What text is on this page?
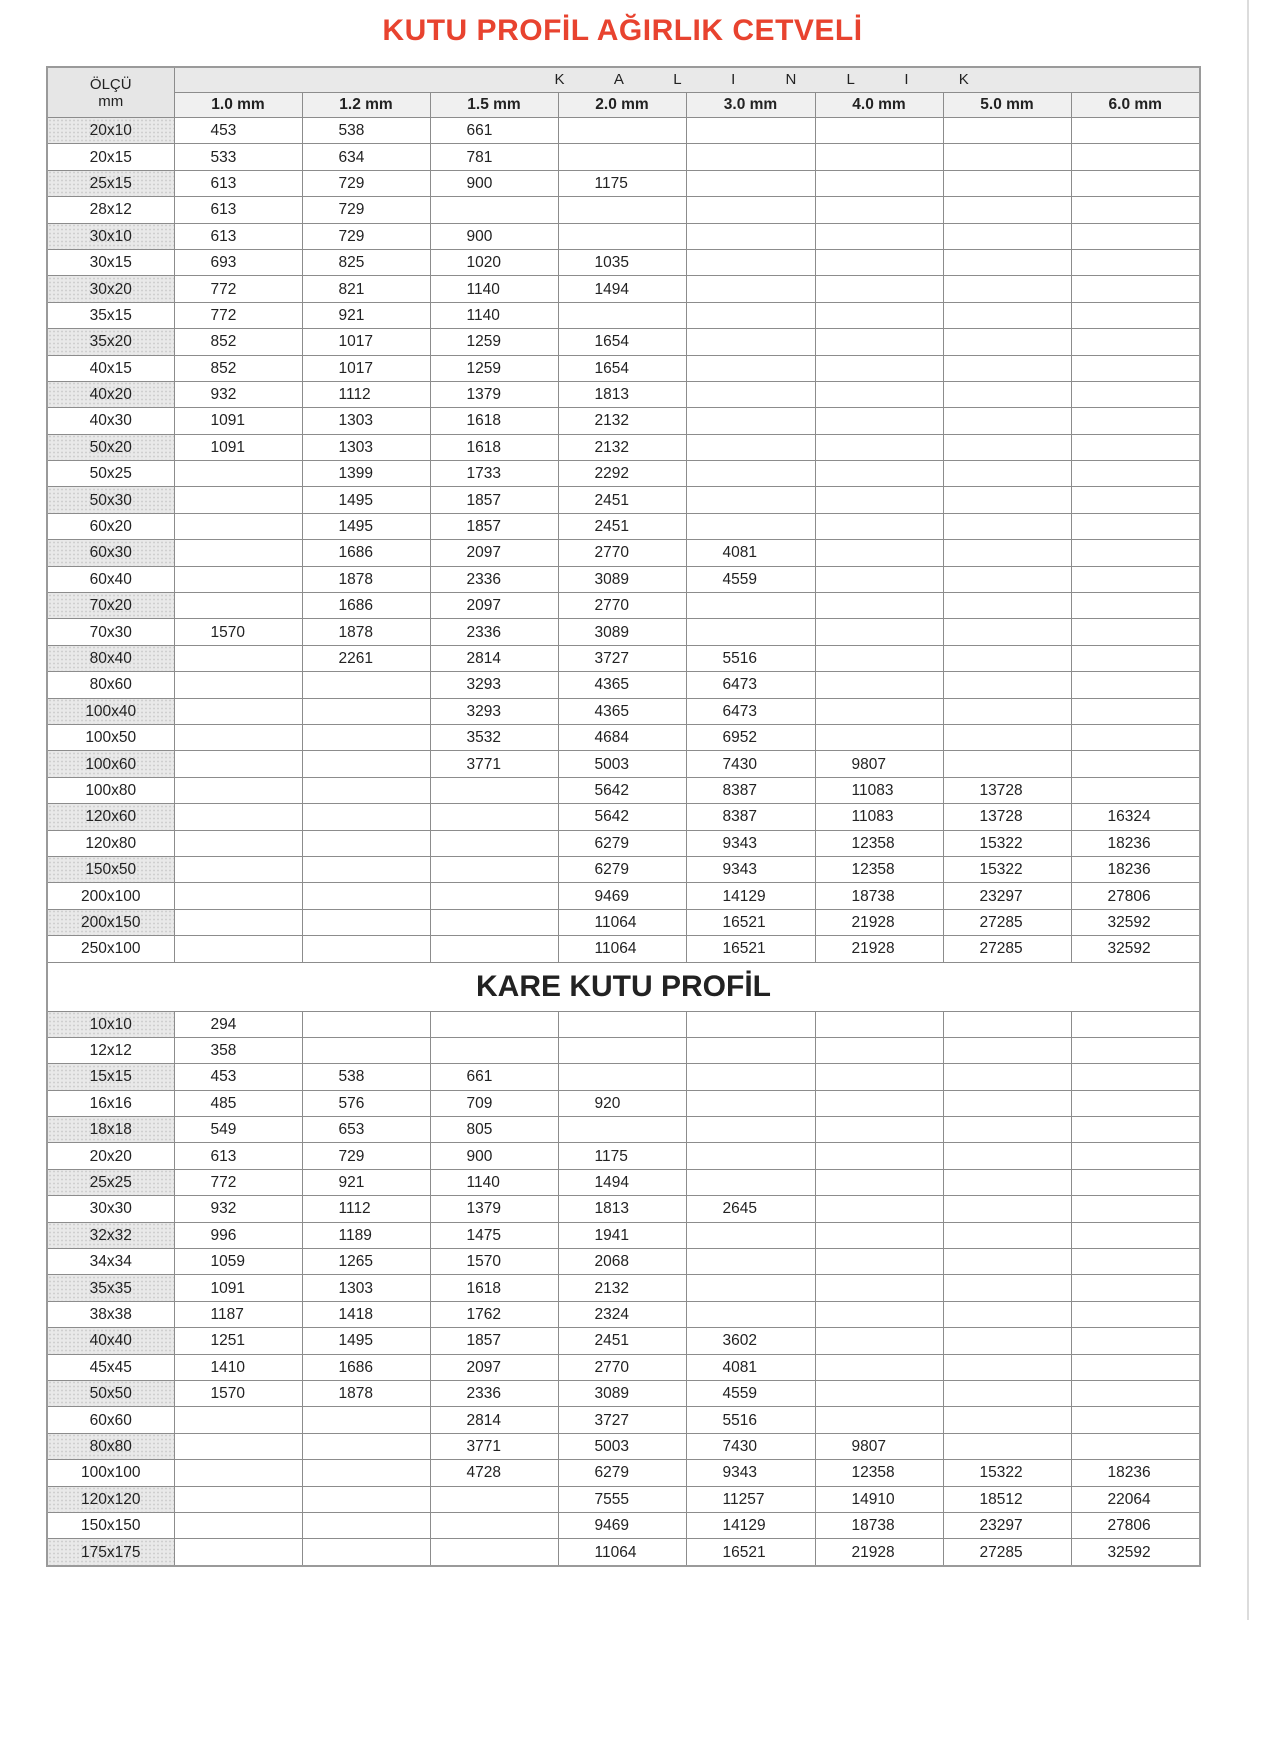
KUTU PROFİL AĞIRLIK CETVELİ
ÖLÇÜ
mm	K A L I N L I K							

	1.0 mm	1.2 mm	1.5 mm	2.0 mm	3.0 mm	4.0 mm	5.0 mm	6.0 mm
20x10	453	538	661					
20x15	533	634	781					
25x15	613	729	900	1175				
28x12	613	729						
30x10	613	729	900					
30x15	693	825	1020	1035				
30x20	772	821	1140	1494				
35x15	772	921	1140					
35x20	852	1017	1259	1654				
40x15	852	1017	1259	1654				
40x20	932	1112	1379	1813				
40x30	1091	1303	1618	2132				
50x20	1091	1303	1618	2132				
50x25		1399	1733	2292				
50x30		1495	1857	2451				
60x20		1495	1857	2451				
60x30		1686	2097	2770	4081			
60x40		1878	2336	3089	4559			
70x20		1686	2097	2770				
70x30	1570	1878	2336	3089				
80x40		2261	2814	3727	5516			
80x60			3293	4365	6473			
100x40			3293	4365	6473			
100x50			3532	4684	6952			
100x60			3771	5003	7430	9807		
100x80				5642	8387	11083	13728	
120x60				5642	8387	11083	13728	16324
120x80				6279	9343	12358	15322	18236
150x50				6279	9343	12358	15322	18236
200x100				9469	14129	18738	23297	27806
200x150				11064	16521	21928	27285	32592
250x100				11064	16521	21928	27285	32592
KARE KUTU PROFİL								
10x10	294							
12x12	358							
15x15	453	538	661					
16x16	485	576	709	920				
18x18	549	653	805					
20x20	613	729	900	1175				
25x25	772	921	1140	1494				
30x30	932	1112	1379	1813	2645			
32x32	996	1189	1475	1941				
34x34	1059	1265	1570	2068				
35x35	1091	1303	1618	2132				
38x38	1187	1418	1762	2324				
40x40	1251	1495	1857	2451	3602			
45x45	1410	1686	2097	2770	4081			
50x50	1570	1878	2336	3089	4559			
60x60			2814	3727	5516			
80x80			3771	5003	7430	9807		
100x100			4728	6279	9343	12358	15322	18236
120x120				7555	11257	14910	18512	22064
150x150				9469	14129	18738	23297	27806
175x175				11064	16521	21928	27285	32592
